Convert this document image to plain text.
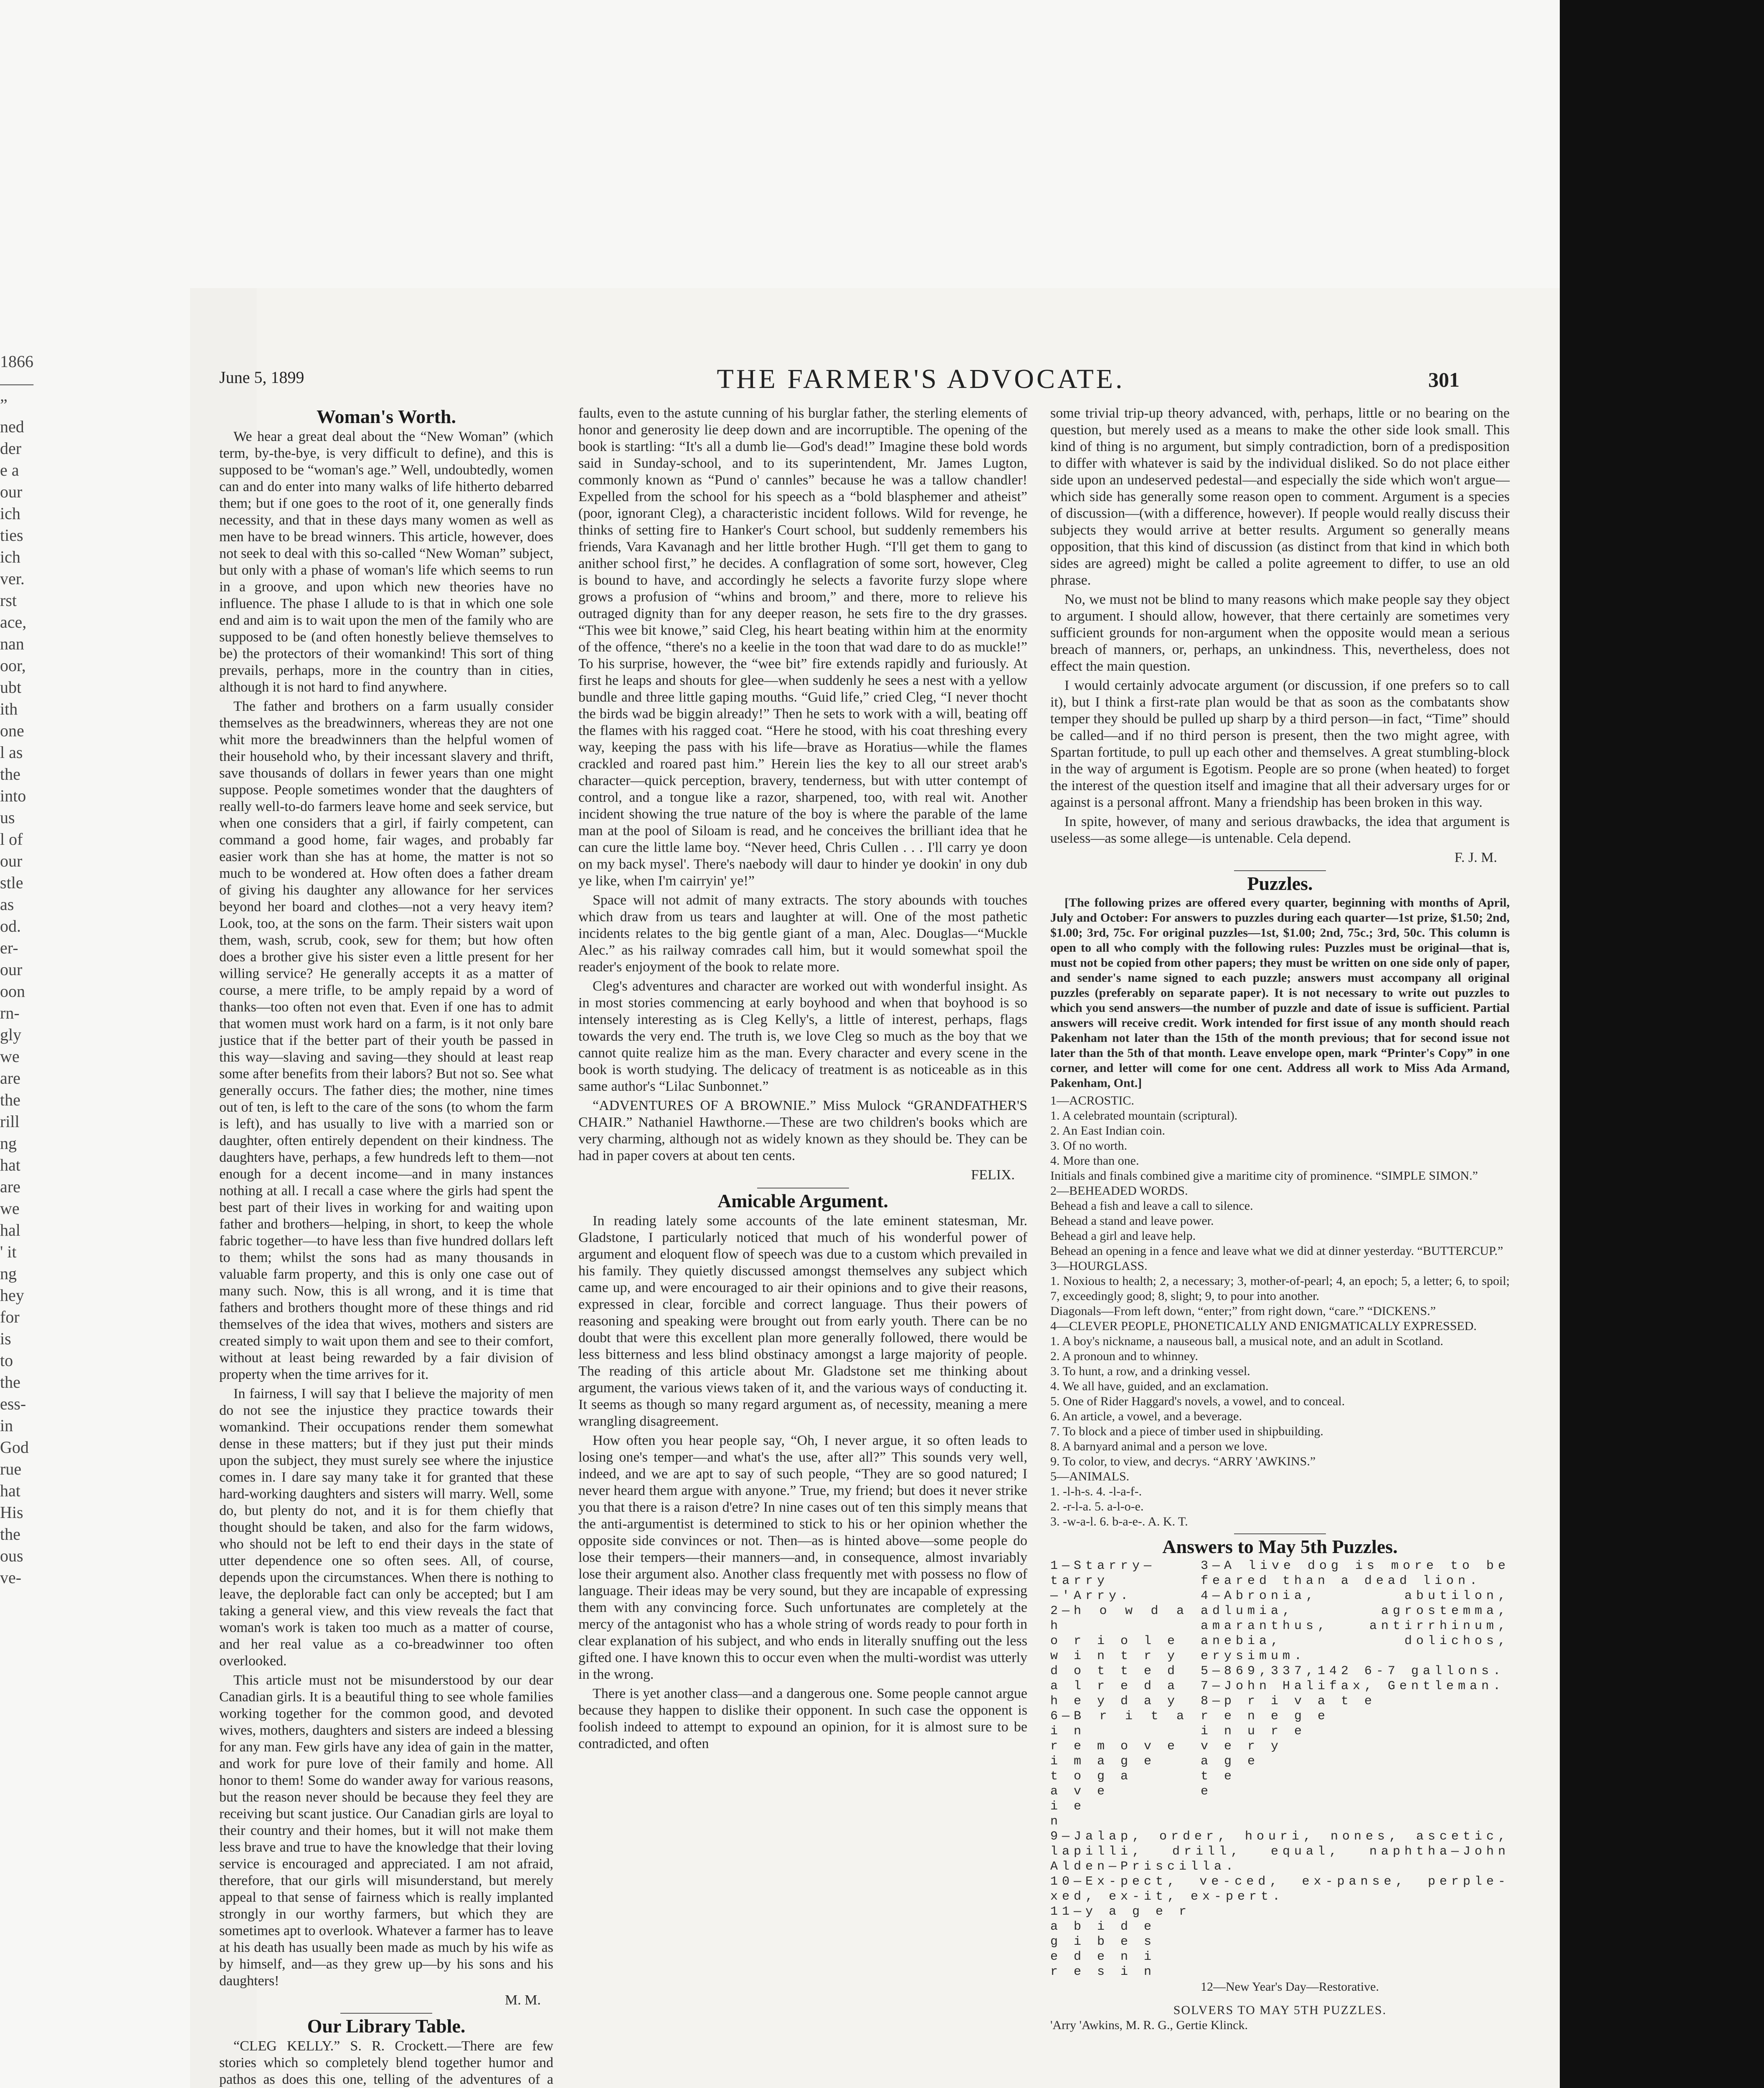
1866
——
”
ned
der
e a
our
ich
ties
ich
ver.
rst
ace,
nan
oor,
ubt
ith
one
l as
the
into
us
l of
our
stle
as
od.
er-
our
oon
rn-
gly
we
are
the
rill
ng
hat
are
we
hal
' it
ng
hey
for
is
to
the
ess-
in
God
rue
hat
His
the
ous
ve-
June 5, 1899	THE FARMER'S ADVOCATE.	301
Woman's Worth.

We hear a great deal about the “New Woman” (which term, by-the-bye, is very difficult to define), and this is supposed to be “woman's age.” Well, undoubtedly, women can and do enter into many walks of life hitherto debarred them; but if one goes to the root of it, one generally finds necessity, and that in these days many women as well as men have to be bread winners. This article, however, does not seek to deal with this so-called “New Woman” subject, but only with a phase of woman's life which seems to run in a groove, and upon which new theories have no influence. The phase I allude to is that in which one sole end and aim is to wait upon the men of the family who are supposed to be (and often honestly believe themselves to be) the protectors of their womankind! This sort of thing prevails, perhaps, more in the country than in cities, although it is not hard to find anywhere.

The father and brothers on a farm usually consider themselves as the breadwinners, whereas they are not one whit more the breadwinners than the helpful women of their household who, by their incessant slavery and thrift, save thousands of dollars in fewer years than one might suppose. People sometimes wonder that the daughters of really well-to-do farmers leave home and seek service, but when one considers that a girl, if fairly competent, can command a good home, fair wages, and probably far easier work than she has at home, the matter is not so much to be wondered at. How often does a father dream of giving his daughter any allowance for her services beyond her board and clothes—not a very heavy item? Look, too, at the sons on the farm. Their sisters wait upon them, wash, scrub, cook, sew for them; but how often does a brother give his sister even a little present for her willing service? He generally accepts it as a matter of course, a mere trifle, to be amply repaid by a word of thanks—too often not even that. Even if one has to admit that women must work hard on a farm, is it not only bare justice that if the better part of their youth be passed in this way—slaving and saving—they should at least reap some after benefits from their labors? But not so. See what generally occurs. The father dies; the mother, nine times out of ten, is left to the care of the sons (to whom the farm is left), and has usually to live with a married son or daughter, often entirely dependent on their kindness. The daughters have, perhaps, a few hundreds left to them—not enough for a decent income—and in many instances nothing at all. I recall a case where the girls had spent the best part of their lives in working for and waiting upon father and brothers—helping, in short, to keep the whole fabric together—to have less than five hundred dollars left to them; whilst the sons had as many thousands in valuable farm property, and this is only one case out of many such. Now, this is all wrong, and it is time that fathers and brothers thought more of these things and rid themselves of the idea that wives, mothers and sisters are created simply to wait upon them and see to their comfort, without at least being rewarded by a fair division of property when the time arrives for it.

In fairness, I will say that I believe the majority of men do not see the injustice they practice towards their womankind. Their occupations render them somewhat dense in these matters; but if they just put their minds upon the subject, they must surely see where the injustice comes in. I dare say many take it for granted that these hard-working daughters and sisters will marry. Well, some do, but plenty do not, and it is for them chiefly that thought should be taken, and also for the farm widows, who should not be left to end their days in the state of utter dependence one so often sees. All, of course, depends upon the circumstances. When there is nothing to leave, the deplorable fact can only be accepted; but I am taking a general view, and this view reveals the fact that woman's work is taken too much as a matter of course, and her real value as a co-breadwinner too often overlooked.

This article must not be misunderstood by our dear Canadian girls. It is a beautiful thing to see whole families working together for the common good, and devoted wives, mothers, daughters and sisters are indeed a blessing for any man. Few girls have any idea of gain in the matter, and work for pure love of their family and home. All honor to them! Some do wander away for various reasons, but the reason never should be because they feel they are receiving but scant justice. Our Canadian girls are loyal to their country and their homes, but it will not make them less brave and true to have the knowledge that their loving service is encouraged and appreciated. I am not afraid, therefore, that our girls will misunderstand, but merely appeal to that sense of fairness which is really implanted strongly in our worthy farmers, but which they are sometimes apt to overlook. Whatever a farmer has to leave at his death has usually been made as much by his wife as by himself, and—as they grew up—by his sons and his daughters!

M. M.
Our Library Table.

“CLEG KELLY.” S. R. Crockett.—There are few stories which so completely blend together humor and pathos as does this one, telling of the adventures of a

faults, even to the astute cunning of his burglar father, the sterling elements of honor and generosity lie deep down and are incorruptible. The opening of the book is startling: “It's all a dumb lie—God's dead!” Imagine these bold words said in Sunday-school, and to its superintendent, Mr. James Lugton, commonly known as “Pund o' cannles” because he was a tallow chandler! Expelled from the school for his speech as a “bold blasphemer and atheist” (poor, ignorant Cleg), a characteristic incident follows. Wild for revenge, he thinks of setting fire to Hanker's Court school, but suddenly remembers his friends, Vara Kavanagh and her little brother Hugh. “I'll get them to gang to anither school first,” he decides. A conflagration of some sort, however, Cleg is bound to have, and accordingly he selects a favorite furzy slope where grows a profusion of “whins and broom,” and there, more to relieve his outraged dignity than for any deeper reason, he sets fire to the dry grasses. “This wee bit knowe,” said Cleg, his heart beating within him at the enormity of the offence, “there's no a keelie in the toon that wad dare to do as muckle!” To his surprise, however, the “wee bit” fire extends rapidly and furiously. At first he leaps and shouts for glee—when suddenly he sees a nest with a yellow bundle and three little gaping mouths. “Guid life,” cried Cleg, “I never thocht the birds wad be biggin already!” Then he sets to work with a will, beating off the flames with his ragged coat. “Here he stood, with his coat threshing every way, keeping the pass with his life—brave as Horatius—while the flames crackled and roared past him.” Herein lies the key to all our street arab's character—quick perception, bravery, tenderness, but with utter contempt of control, and a tongue like a razor, sharpened, too, with real wit. Another incident showing the true nature of the boy is where the parable of the lame man at the pool of Siloam is read, and he conceives the brilliant idea that he can cure the little lame boy. “Never heed, Chris Cullen . . . I'll carry ye doon on my back mysel'. There's naebody will daur to hinder ye dookin' in ony dub ye like, when I'm cairryin' ye!”

Space will not admit of many extracts. The story abounds with touches which draw from us tears and laughter at will. One of the most pathetic incidents relates to the big gentle giant of a man, Alec. Douglas—“Muckle Alec.” as his railway comrades call him, but it would somewhat spoil the reader's enjoyment of the book to relate more.

Cleg's adventures and character are worked out with wonderful insight. As in most stories commencing at early boyhood and when that boyhood is so intensely interesting as is Cleg Kelly's, a little of interest, perhaps, flags towards the very end. The truth is, we love Cleg so much as the boy that we cannot quite realize him as the man. Every character and every scene in the book is worth studying. The delicacy of treatment is as noticeable as in this same author's “Lilac Sunbonnet.”

“ADVENTURES OF A BROWNIE.” Miss Mulock “GRANDFATHER'S CHAIR.” Nathaniel Hawthorne.—These are two children's books which are very charming, although not as widely known as they should be. They can be had in paper covers at about ten cents.

FELIX.
Amicable Argument.

In reading lately some accounts of the late eminent statesman, Mr. Gladstone, I particularly noticed that much of his wonderful power of argument and eloquent flow of speech was due to a custom which prevailed in his family. They quietly discussed amongst themselves any subject which came up, and were encouraged to air their opinions and to give their reasons, expressed in clear, forcible and correct language. Thus their powers of reasoning and speaking were brought out from early youth. There can be no doubt that were this excellent plan more generally followed, there would be less bitterness and less blind obstinacy amongst a large majority of people. The reading of this article about Mr. Gladstone set me thinking about argument, the various views taken of it, and the various ways of conducting it. It seems as though so many regard argument as, of necessity, meaning a mere wrangling disagreement.

How often you hear people say, “Oh, I never argue, it so often leads to losing one's temper—and what's the use, after all?” This sounds very well, indeed, and we are apt to say of such people, “They are so good natured; I never heard them argue with anyone.” True, my friend; but does it never strike you that there is a raison d'etre? In nine cases out of ten this simply means that the anti-argumentist is determined to stick to his or her opinion whether the opposite side convinces or not. Then—as is hinted above—some people do lose their tempers—their manners—and, in consequence, almost invariably lose their argument also. Another class frequently met with possess no flow of language. Their ideas may be very sound, but they are incapable of expressing them with any convincing force. Such unfortunates are completely at the mercy of the antagonist who has a whole string of words ready to pour forth in clear explanation of his subject, and who ends in literally snuffing out the less gifted one. I have known this to occur even when the multi-wordist was utterly in the wrong.

There is yet another class—and a dangerous one. Some people cannot argue because they happen to dislike their opponent. In such case the opponent is foolish indeed to attempt to expound an opinion, for it is almost sure to be contradicted, and often

some trivial trip-up theory advanced, with, perhaps, little or no bearing on the question, but merely used as a means to make the other side look small. This kind of thing is no argument, but simply contradiction, born of a predisposition to differ with whatever is said by the individual disliked. So do not place either side upon an undeserved pedestal—and especially the side which won't argue—which side has generally some reason open to comment. Argument is a species of discussion—(with a difference, however). If people would really discuss their subjects they would arrive at better results. Argument so generally means opposition, that this kind of discussion (as distinct from that kind in which both sides are agreed) might be called a polite agreement to differ, to use an old phrase.

No, we must not be blind to many reasons which make people say they object to argument. I should allow, however, that there certainly are sometimes very sufficient grounds for non-argument when the opposite would mean a serious breach of manners, or, perhaps, an unkindness. This, nevertheless, does not effect the main question.

I would certainly advocate argument (or discussion, if one prefers so to call it), but I think a first-rate plan would be that as soon as the combatants show temper they should be pulled up sharp by a third person—in fact, “Time” should be called—and if no third person is present, then the two might agree, with Spartan fortitude, to pull up each other and themselves. A great stumbling-block in the way of argument is Egotism. People are so prone (when heated) to forget the interest of the question itself and imagine that all their adversary urges for or against is a personal affront. Many a friendship has been broken in this way.

In spite, however, of many and serious drawbacks, the idea that argument is useless—as some allege—is untenable. Cela depend.

F. J. M.
Puzzles.

[The following prizes are offered every quarter, beginning with months of April, July and October: For answers to puzzles during each quarter—1st prize, $1.50; 2nd, $1.00; 3rd, 75c. For original puzzles—1st, $1.00; 2nd, 75c.; 3rd, 50c. This column is open to all who comply with the following rules: Puzzles must be original—that is, must not be copied from other papers; they must be written on one side only of paper, and sender's name signed to each puzzle; answers must accompany all original puzzles (preferably on separate paper). It is not necessary to write out puzzles to which you send answers—the number of puzzle and date of issue is sufficient. Partial answers will receive credit. Work intended for first issue of any month should reach Pakenham not later than the 15th of the month previous; that for second issue not later than the 5th of that month. Leave envelope open, mark “Printer's Copy” in one corner, and letter will come for one cent. Address all work to Miss Ada Armand, Pakenham, Ont.]

1—ACROSTIC.
1. A celebrated mountain (scriptural).
2. An East Indian coin.
3. Of no worth.
4. More than one.
Initials and finals combined give a maritime city of prominence. “SIMPLE SIMON.”
2—BEHEADED WORDS.
Behead a fish and leave a call to silence.
Behead a stand and leave power.
Behead a girl and leave help.
Behead an opening in a fence and leave what we did at dinner yesterday. “BUTTERCUP.”
3—HOURGLASS.
1. Noxious to health; 2, a necessary; 3, mother-of-pearl; 4, an epoch; 5, a letter; 6, to spoil; 7, exceedingly good; 8, slight; 9, to pour into another.
Diagonals—From left down, “enter;” from right down, “care.” “DICKENS.”
4—CLEVER PEOPLE, PHONETICALLY AND ENIGMATICALLY EXPRESSED.
1. A boy's nickname, a nauseous ball, a musical note, and an adult in Scotland.
2. A pronoun and to whinney.
3. To hunt, a row, and a drinking vessel.
4. We all have, guided, and an exclamation.
5. One of Rider Haggard's novels, a vowel, and to conceal.
6. An article, a vowel, and a beverage.
7. To block and a piece of timber used in shipbuilding.
8. A barnyard animal and a person we love.
9. To color, to view, and decrys. “ARRY 'AWKINS.”
5—ANIMALS.
1. -l-h-s. 4. -l-a-f-.
2. -r-l-a. 5. a-l-o-e.
3. -w-a-l. 6. b-a-e-. A. K. T.
Answers to May 5th Puzzles.
1—Starry—tarry—'Arry.
2—h o w d a h
o r i o l e
w i n t r y
d o t t e d
a l r e d a
h e y d a y
6—B r i t a i n
r e m o v e
i m a g e
t o g a
a v e
i e
n
3—A live dog is more to be feared than a dead lion.
4—Abronia, abutilon, adlumia, agrostemma, amaranthus, antirrhinum, anebia, dolichos, erysimum.
5—869,337,142 6-7 gallons.
7—John Halifax, Gentleman.
8—p r i v a t e
r e n e g e
i n u r e
v e r y
a g e
t e
e
9—Jalap, order, houri, nones, ascetic, lapilli, drill, equal, naphtha—John Alden—Priscilla.
10—Ex-pect, ve-ced, ex-panse, perple-xed, ex-it, ex-pert.
11—y a g e r
a b i d e
g i b e s
e d e n i
r e s i n
12—New Year's Day—Restorative.
SOLVERS TO MAY 5TH PUZZLES.
'Arry 'Awkins, M. R. G., Gertie Klinck.
